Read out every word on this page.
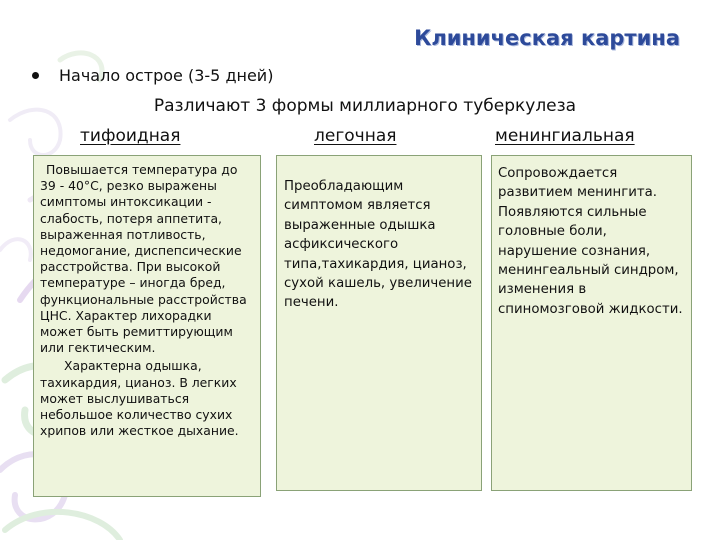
Клиническая картина
Начало острое (3-5 дней)
Различают 3 формы миллиарного туберкулеза
тифоидная	легочная	менингиальная

Повышается температура до 39 - 40°С, резко выражены симптомы интоксикации - слабость, потеря аппетита, выраженная потливость, недомогание, диспепсические расстройства. При высокой температуре – иногда бред, функциональные расстройства ЦНС. Характер лихорадки может быть ремиттирующим или гектическим.

Характерна одышка, тахикардия, цианоз. В легких может выслушиваться небольшое количество сухих хрипов или жесткое дыхание.

Преобладающим симптомом является выраженные одышка асфиксического типа,тахикардия, цианоз, сухой кашель, увеличение печени.

Сопровождается развитием менингита.

Появляются сильные головные боли, нарушение сознания, менингеальный синдром, изменения в спиномозговой жидкости.
